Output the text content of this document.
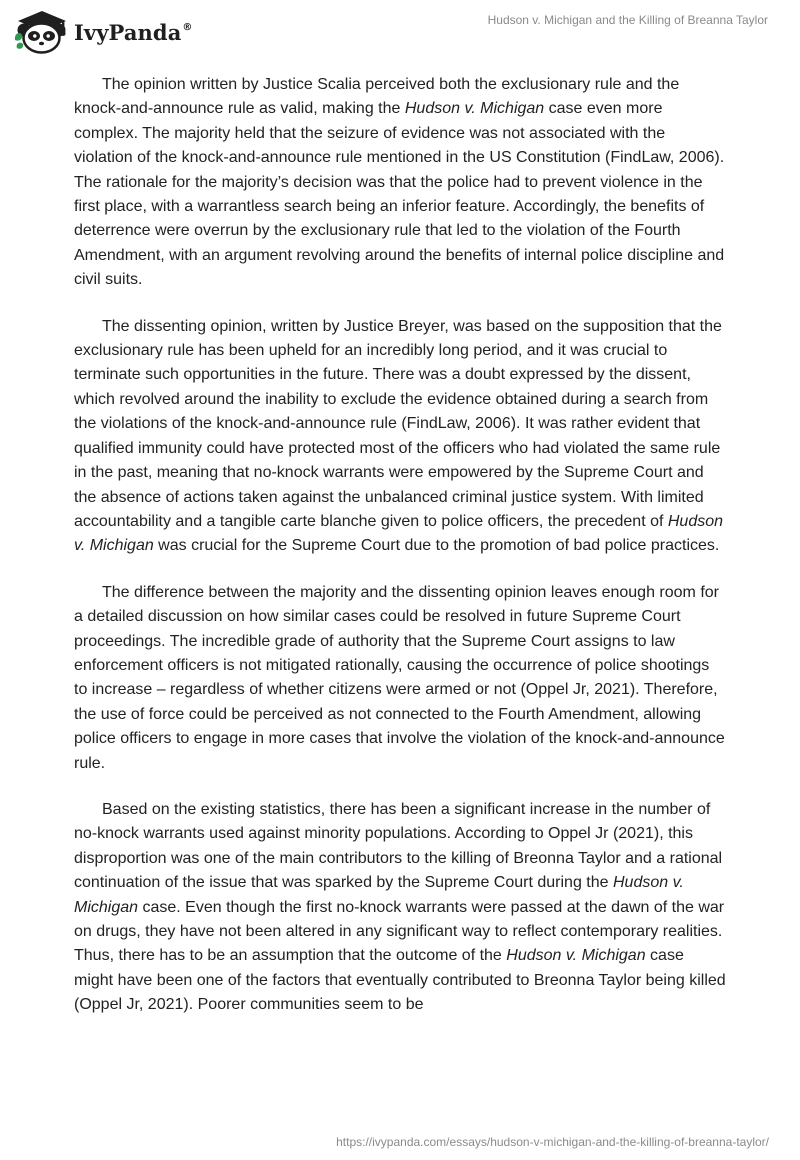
IvyPanda®	Hudson v. Michigan and the Killing of Breanna Taylor

The opinion written by Justice Scalia perceived both the exclusionary rule and the knock-and-announce rule as valid, making the Hudson v. Michigan case even more complex. The majority held that the seizure of evidence was not associated with the violation of the knock-and-announce rule mentioned in the US Constitution (FindLaw, 2006). The rationale for the majority’s decision was that the police had to prevent violence in the first place, with a warrantless search being an inferior feature. Accordingly, the benefits of deterrence were overrun by the exclusionary rule that led to the violation of the Fourth Amendment, with an argument revolving around the benefits of internal police discipline and civil suits.

The dissenting opinion, written by Justice Breyer, was based on the supposition that the exclusionary rule has been upheld for an incredibly long period, and it was crucial to terminate such opportunities in the future. There was a doubt expressed by the dissent, which revolved around the inability to exclude the evidence obtained during a search from the violations of the knock-and-announce rule (FindLaw, 2006). It was rather evident that qualified immunity could have protected most of the officers who had violated the same rule in the past, meaning that no-knock warrants were empowered by the Supreme Court and the absence of actions taken against the unbalanced criminal justice system. With limited accountability and a tangible carte blanche given to police officers, the precedent of Hudson v. Michigan was crucial for the Supreme Court due to the promotion of bad police practices.

The difference between the majority and the dissenting opinion leaves enough room for a detailed discussion on how similar cases could be resolved in future Supreme Court proceedings. The incredible grade of authority that the Supreme Court assigns to law enforcement officers is not mitigated rationally, causing the occurrence of police shootings to increase – regardless of whether citizens were armed or not (Oppel Jr, 2021). Therefore, the use of force could be perceived as not connected to the Fourth Amendment, allowing police officers to engage in more cases that involve the violation of the knock-and-announce rule.

Based on the existing statistics, there has been a significant increase in the number of no-knock warrants used against minority populations. According to Oppel Jr (2021), this disproportion was one of the main contributors to the killing of Breonna Taylor and a rational continuation of the issue that was sparked by the Supreme Court during the Hudson v. Michigan case. Even though the first no-knock warrants were passed at the dawn of the war on drugs, they have not been altered in any significant way to reflect contemporary realities. Thus, there has to be an assumption that the outcome of the Hudson v. Michigan case might have been one of the factors that eventually contributed to Breonna Taylor being killed (Oppel Jr, 2021). Poorer communities seem to be

https://ivypanda.com/essays/hudson-v-michigan-and-the-killing-of-breanna-taylor/
